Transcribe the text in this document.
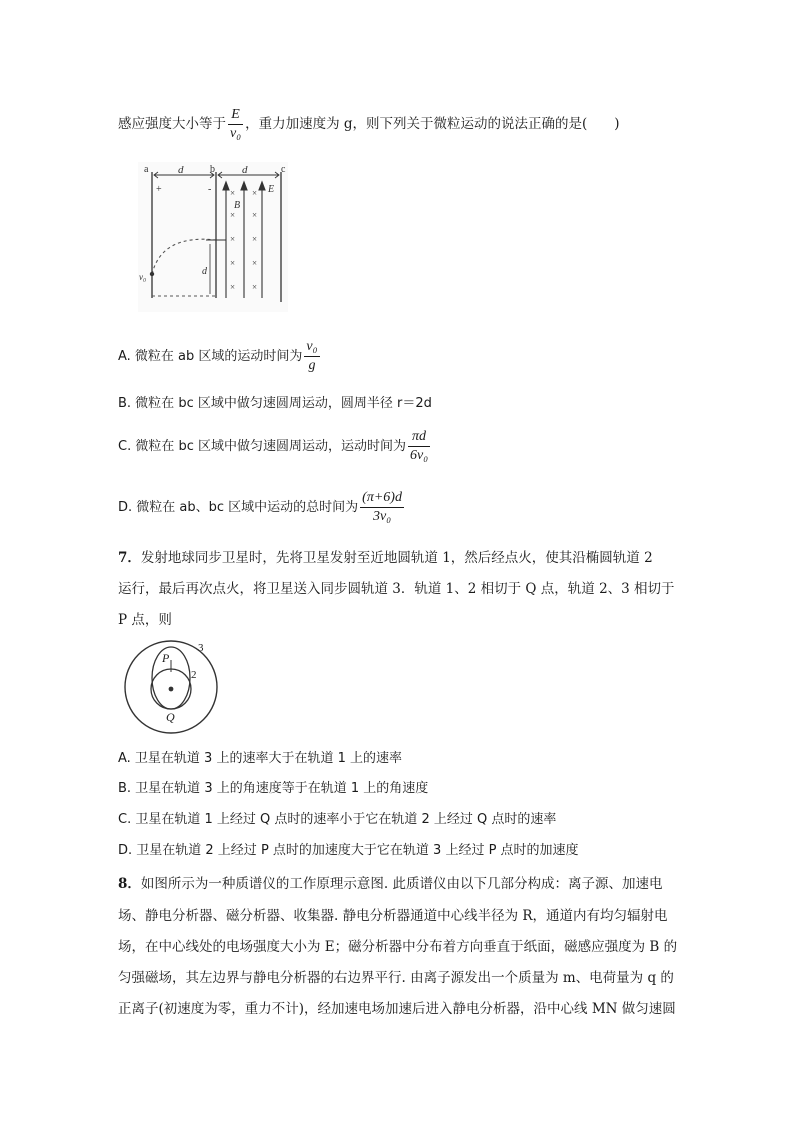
感应强度大小等于 $\frac{E}{\text{v₀}}$ ，重力加速度为 g，则下列关于微粒运动的说法正确的是(　　)
×
×
×
×
×
×
×
×
×
×
a	d	b d	c
B
E
v₀	d
+	-
A. 微粒在 ab 区域的运动时间为 $\frac{\text{v₀}}{g}$
B. 微粒在 bc 区域中做匀速圆周运动，圆周半径 r＝2d
C. 微粒在 bc 区域中做匀速圆周运动，运动时间为 $\frac{\pi d}{\text{6v₀}}$
D. 微粒在 ab、bc 区域中运动的总时间为 $\frac{(\pi+6)d}{\text{3v₀}}$
7．发射地球同步卫星时，先将卫星发射至近地圆轨道 1，然后经点火，使其沿椭圆轨道 2
运行，最后再次点火，将卫星送入同步圆轨道 3．轨道 1、2 相切于 Q 点，轨道 2、3 相切于
P 点，则
P
Q
3
2
A. 卫星在轨道 3 上的速率大于在轨道 1 上的速率
B. 卫星在轨道 3 上的角速度等于在轨道 1 上的角速度
C. 卫星在轨道 1 上经过 Q 点时的速率小于它在轨道 2 上经过 Q 点时的速率
D. 卫星在轨道 2 上经过 P 点时的加速度大于它在轨道 3 上经过 P 点时的加速度
8．如图所示为一种质谱仪的工作原理示意图. 此质谱仪由以下几部分构成：离子源、加速电
场、静电分析器、磁分析器、收集器. 静电分析器通道中心线半径为 R，通道内有均匀辐射电
场，在中心线处的电场强度大小为 E；磁分析器中分布着方向垂直于纸面，磁感应强度为 B 的
匀强磁场，其左边界与静电分析器的右边界平行. 由离子源发出一个质量为 m、电荷量为 q 的
正离子(初速度为零，重力不计)，经加速电场加速后进入静电分析器，沿中心线 MN 做匀速圆
